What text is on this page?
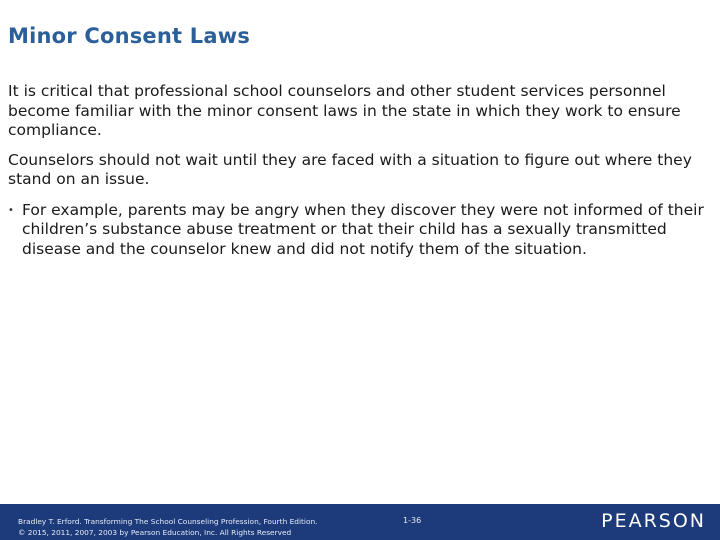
Minor Consent Laws

It is critical that professional school counselors and other student services personnel become familiar with the minor consent laws in the state in which they work to ensure compliance.

Counselors should not wait until they are faced with a situation to figure out where they stand on an issue.

• For example, parents may be angry when they discover they were not informed of their children’s substance abuse treatment or that their child has a sexually transmitted disease and the counselor knew and did not notify them of the situation.
Bradley T. Erford. Transforming The School Counseling Profession, Fourth Edition.
© 2015, 2011, 2007, 2003 by Pearson Education, Inc. All Rights Reserved
1-36	PEARSON
